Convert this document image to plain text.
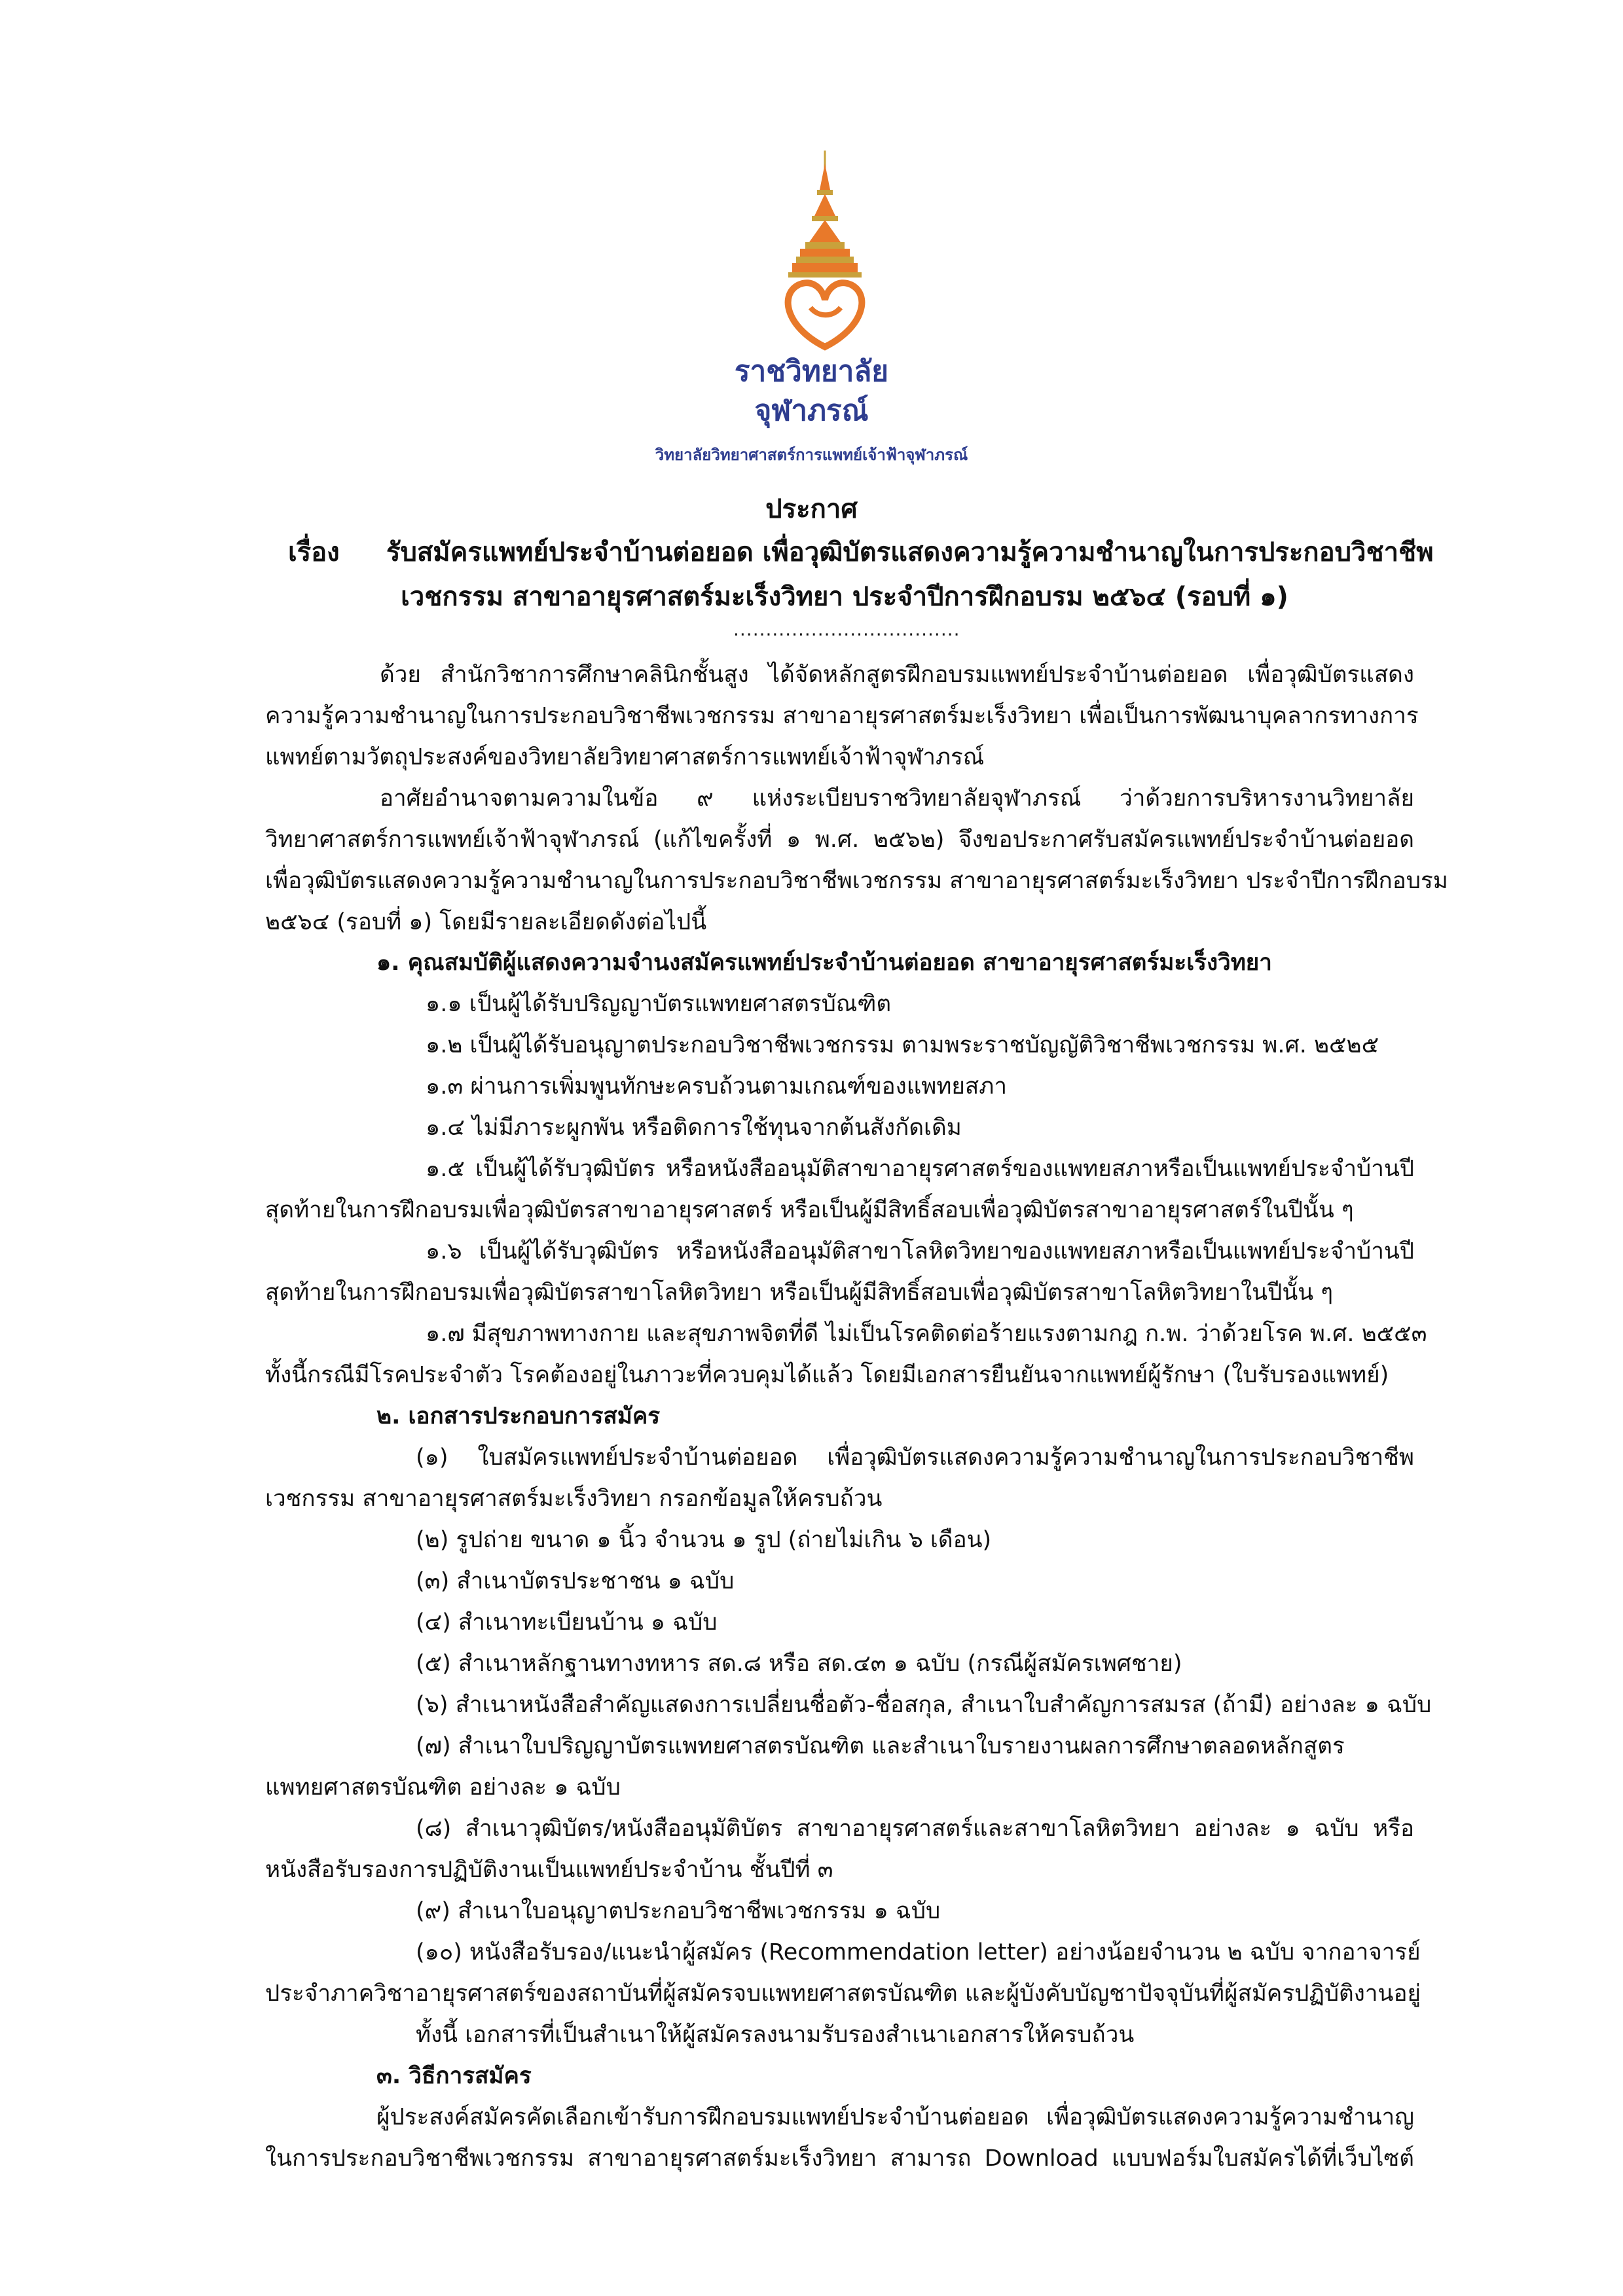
ราชวิทยาลัย
จุฬาภรณ์
วิทยาลัยวิทยาศาสตร์การแพทย์เจ้าฟ้าจุฬาภรณ์
ประกาศ
เรื่อง รับสมัครแพทย์ประจำบ้านต่อยอด เพื่อวุฒิบัตรแสดงความรู้ความชำนาญในการประกอบวิชาชีพ
เวชกรรม สาขาอายุรศาสตร์มะเร็งวิทยา ประจำปีการฝึกอบรม ๒๕๖๔ (รอบที่ ๑)
...................................
ด้วย สำนักวิชาการศึกษาคลินิกชั้นสูง ได้จัดหลักสูตรฝึกอบรมแพทย์ประจำบ้านต่อยอด เพื่อวุฒิบัตรแสดง
ความรู้ความชำนาญในการประกอบวิชาชีพเวชกรรม สาขาอายุรศาสตร์มะเร็งวิทยา เพื่อเป็นการพัฒนาบุคลากรทางการ
แพทย์ตามวัตถุประสงค์ของวิทยาลัยวิทยาศาสตร์การแพทย์เจ้าฟ้าจุฬาภรณ์
อาศัยอำนาจตามความในข้อ ๙ แห่งระเบียบราชวิทยาลัยจุฬาภรณ์ ว่าด้วยการบริหารงานวิทยาลัย
วิทยาศาสตร์การแพทย์เจ้าฟ้าจุฬาภรณ์ (แก้ไขครั้งที่ ๑ พ.ศ. ๒๕๖๒) จึงขอประกาศรับสมัครแพทย์ประจำบ้านต่อยอด
เพื่อวุฒิบัตรแสดงความรู้ความชำนาญในการประกอบวิชาชีพเวชกรรม สาขาอายุรศาสตร์มะเร็งวิทยา ประจำปีการฝึกอบรม
๒๕๖๔ (รอบที่ ๑) โดยมีรายละเอียดดังต่อไปนี้
๑. คุณสมบัติผู้แสดงความจำนงสมัครแพทย์ประจำบ้านต่อยอด สาขาอายุรศาสตร์มะเร็งวิทยา
๑.๑ เป็นผู้ได้รับปริญญาบัตรแพทยศาสตรบัณฑิต
๑.๒ เป็นผู้ได้รับอนุญาตประกอบวิชาชีพเวชกรรม ตามพระราชบัญญัติวิชาชีพเวชกรรม พ.ศ. ๒๕๒๕
๑.๓ ผ่านการเพิ่มพูนทักษะครบถ้วนตามเกณฑ์ของแพทยสภา
๑.๔ ไม่มีภาระผูกพัน หรือติดการใช้ทุนจากต้นสังกัดเดิม
๑.๕ เป็นผู้ได้รับวุฒิบัตร หรือหนังสืออนุมัติสาขาอายุรศาสตร์ของแพทยสภาหรือเป็นแพทย์ประจำบ้านปี
สุดท้ายในการฝึกอบรมเพื่อวุฒิบัตรสาขาอายุรศาสตร์ หรือเป็นผู้มีสิทธิ์สอบเพื่อวุฒิบัตรสาขาอายุรศาสตร์ในปีนั้น ๆ
๑.๖ เป็นผู้ได้รับวุฒิบัตร หรือหนังสืออนุมัติสาขาโลหิตวิทยาของแพทยสภาหรือเป็นแพทย์ประจำบ้านปี
สุดท้ายในการฝึกอบรมเพื่อวุฒิบัตรสาขาโลหิตวิทยา หรือเป็นผู้มีสิทธิ์สอบเพื่อวุฒิบัตรสาขาโลหิตวิทยาในปีนั้น ๆ
๑.๗ มีสุขภาพทางกาย และสุขภาพจิตที่ดี ไม่เป็นโรคติดต่อร้ายแรงตามกฎ ก.พ. ว่าด้วยโรค พ.ศ. ๒๕๕๓
ทั้งนี้กรณีมีโรคประจำตัว โรคต้องอยู่ในภาวะที่ควบคุมได้แล้ว โดยมีเอกสารยืนยันจากแพทย์ผู้รักษา (ใบรับรองแพทย์)
๒. เอกสารประกอบการสมัคร
(๑) ใบสมัครแพทย์ประจำบ้านต่อยอด เพื่อวุฒิบัตรแสดงความรู้ความชำนาญในการประกอบวิชาชีพ
เวชกรรม สาขาอายุรศาสตร์มะเร็งวิทยา กรอกข้อมูลให้ครบถ้วน
(๒) รูปถ่าย ขนาด ๑ นิ้ว จำนวน ๑ รูป (ถ่ายไม่เกิน ๖ เดือน)
(๓) สำเนาบัตรประชาชน ๑ ฉบับ
(๔) สำเนาทะเบียนบ้าน ๑ ฉบับ
(๕) สำเนาหลักฐานทางทหาร สด.๘ หรือ สด.๔๓ ๑ ฉบับ (กรณีผู้สมัครเพศชาย)
(๖) สำเนาหนังสือสำคัญแสดงการเปลี่ยนชื่อตัว-ชื่อสกุล, สำเนาใบสำคัญการสมรส (ถ้ามี) อย่างละ ๑ ฉบับ
(๗) สำเนาใบปริญญาบัตรแพทยศาสตรบัณฑิต และสำเนาใบรายงานผลการศึกษาตลอดหลักสูตร
แพทยศาสตรบัณฑิต อย่างละ ๑ ฉบับ
(๘) สำเนาวุฒิบัตร/หนังสืออนุมัติบัตร สาขาอายุรศาสตร์และสาขาโลหิตวิทยา อย่างละ ๑ ฉบับ หรือ
หนังสือรับรองการปฏิบัติงานเป็นแพทย์ประจำบ้าน ชั้นปีที่ ๓
(๙) สำเนาใบอนุญาตประกอบวิชาชีพเวชกรรม ๑ ฉบับ
(๑๐) หนังสือรับรอง/แนะนำผู้สมัคร (Recommendation letter) อย่างน้อยจำนวน ๒ ฉบับ จากอาจารย์
ประจำภาควิชาอายุรศาสตร์ของสถาบันที่ผู้สมัครจบแพทยศาสตรบัณฑิต และผู้บังคับบัญชาปัจจุบันที่ผู้สมัครปฏิบัติงานอยู่
ทั้งนี้ เอกสารที่เป็นสำเนาให้ผู้สมัครลงนามรับรองสำเนาเอกสารให้ครบถ้วน
๓. วิธีการสมัคร
ผู้ประสงค์สมัครคัดเลือกเข้ารับการฝึกอบรมแพทย์ประจำบ้านต่อยอด เพื่อวุฒิบัตรแสดงความรู้ความชำนาญ
ในการประกอบวิชาชีพเวชกรรม สาขาอายุรศาสตร์มะเร็งวิทยา สามารถ Download แบบฟอร์มใบสมัครได้ที่เว็บไซต์
